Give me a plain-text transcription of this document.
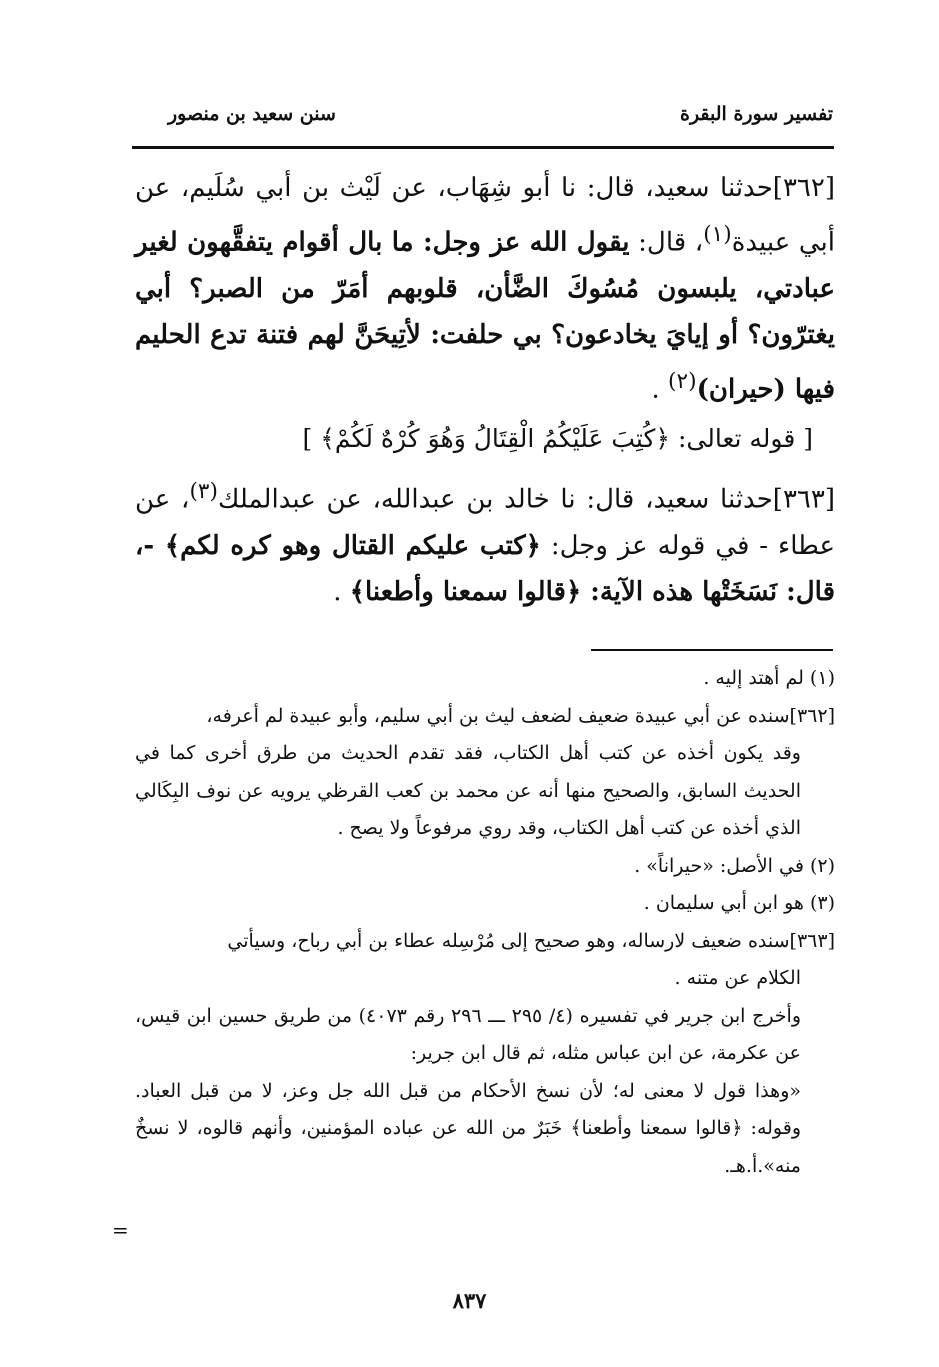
تفسير سورة البقرة
سنن سعيد بن منصور
[٣٦٢]حدثنا سعيد، قال: نا أبو شِهَاب، عن لَيْث بن أبي سُلَيم، عن أبي عبيدة$^{(١)}$، قال: يقول الله عز وجل: ما بال أقوام يتفقَّهون لغير عبادتي، يلبسون مُسُوكَ الضَّأن، قلوبهم أمَرّ من الصبر؟ أبي يغترّون؟ أو إيايَ يخادعون؟ بي حلفت: لأتِيحَنَّ لهم فتنة تدع الحليم فيها (حيران)$^{(٢)}$ .
[ قوله تعالى: ﴿كُتِبَ عَلَيْكُمُ الْقِتَالُ وَهُوَ كُرْهٌ لَكُمْ﴾ ]
[٣٦٣]حدثنا سعيد، قال: نا خالد بن عبدالله، عن عبدالملك$^{(٣)}$، عن عطاء - في قوله عز وجل: ﴿كتب عليكم القتال وهو كره لكم﴾ -، قال: نَسَخَتْها هذه الآية: ﴿قالوا سمعنا وأطعنا﴾ .

(١) لم أهتد إليه .

[٣٦٢]سنده عن أبي عبيدة ضعيف لضعف ليث بن أبي سليم، وأبو عبيدة لم أعرفه،

وقد يكون أخذه عن كتب أهل الكتاب، فقد تقدم الحديث من طرق أخرى كما في الحديث السابق، والصحيح منها أنه عن محمد بن كعب القرظي يرويه عن نوف البِكَالي الذي أخذه عن كتب أهل الكتاب، وقد روي مرفوعاً ولا يصح .

(٢) في الأصل: «حيراناً» .

(٣) هو ابن أبي سليمان .

[٣٦٣]سنده ضعيف لارساله، وهو صحيح إلى مُرْسِله عطاء بن أبي رباح، وسيأتي

الكلام عن متنه .

وأخرج ابن جرير في تفسيره (٤/ ٢٩٥ ـــ ٢٩٦ رقم ٤٠٧٣) من طريق حسين ابن قيس، عن عكرمة، عن ابن عباس مثله، ثم قال ابن جرير:

«وهذا قول لا معنى له؛ لأن نسخ الأحكام من قبل الله جل وعز، لا من قبل العباد. وقوله: ﴿قالوا سمعنا وأطعنا﴾ خَبَرٌ من الله عن عباده المؤمنين، وأنهم قالوه، لا نسخٌ منه».أ.هـ.

=
٨٣٧
